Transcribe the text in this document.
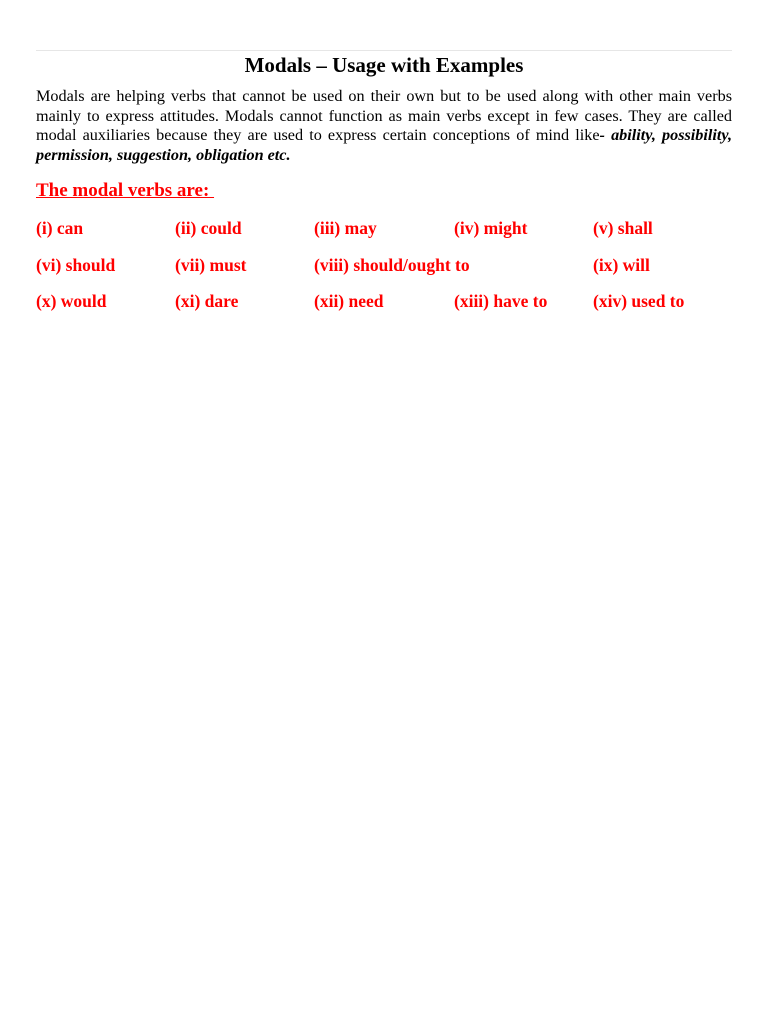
Modals – Usage with Examples
Modals are helping verbs that cannot be used on their own but to be used along with other main verbs mainly to express attitudes. Modals cannot function as main verbs except in few cases. They are called modal auxiliaries because they are used to express certain conceptions of mind like- ability, possibility, permission, suggestion, obligation etc.
The modal verbs are:
(i) can	(ii) could	(iii) may	(iv) might	(v) shall
(vi) should	(vii) must	(viii) should/ought to	(ix) will
(x) would	(xi) dare	(xii) need	(xiii) have to	(xiv) used to
